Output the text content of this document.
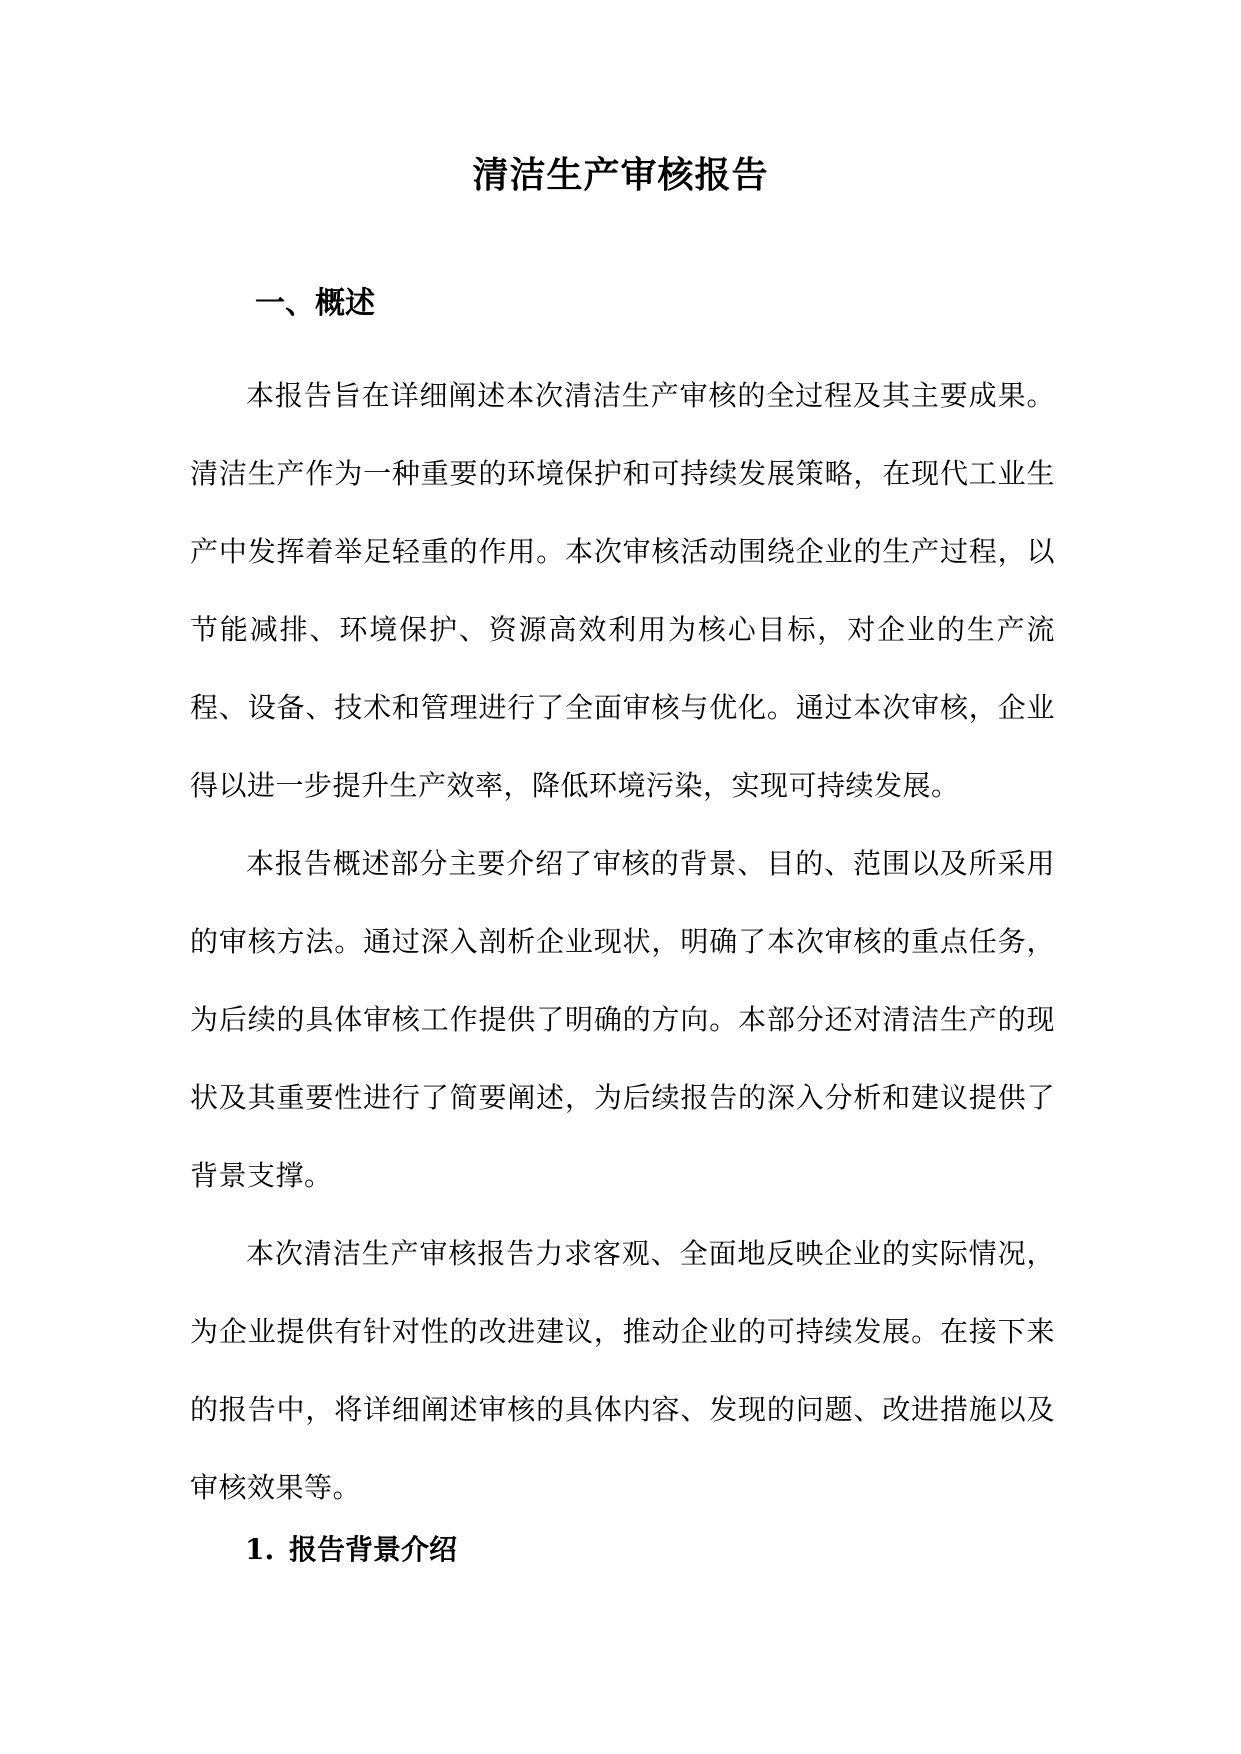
清洁生产审核报告
一、概述

本报告旨在详细阐述本次清洁生产审核的全过程及其主要成果。清洁生产作为一种重要的环境保护和可持续发展策略，在现代工业生产中发挥着举足轻重的作用。本次审核活动围绕企业的生产过程，以节能减排、环境保护、资源高效利用为核心目标，对企业的生产流程、设备、技术和管理进行了全面审核与优化。通过本次审核，企业得以进一步提升生产效率，降低环境污染，实现可持续发展。

本报告概述部分主要介绍了审核的背景、目的、范围以及所采用的审核方法。通过深入剖析企业现状，明确了本次审核的重点任务，为后续的具体审核工作提供了明确的方向。本部分还对清洁生产的现状及其重要性进行了简要阐述，为后续报告的深入分析和建议提供了背景支撑。

本次清洁生产审核报告力求客观、全面地反映企业的实际情况，为企业提供有针对性的改进建议，推动企业的可持续发展。在接下来的报告中，将详细阐述审核的具体内容、发现的问题、改进措施以及审核效果等。

1. 报告背景介绍
